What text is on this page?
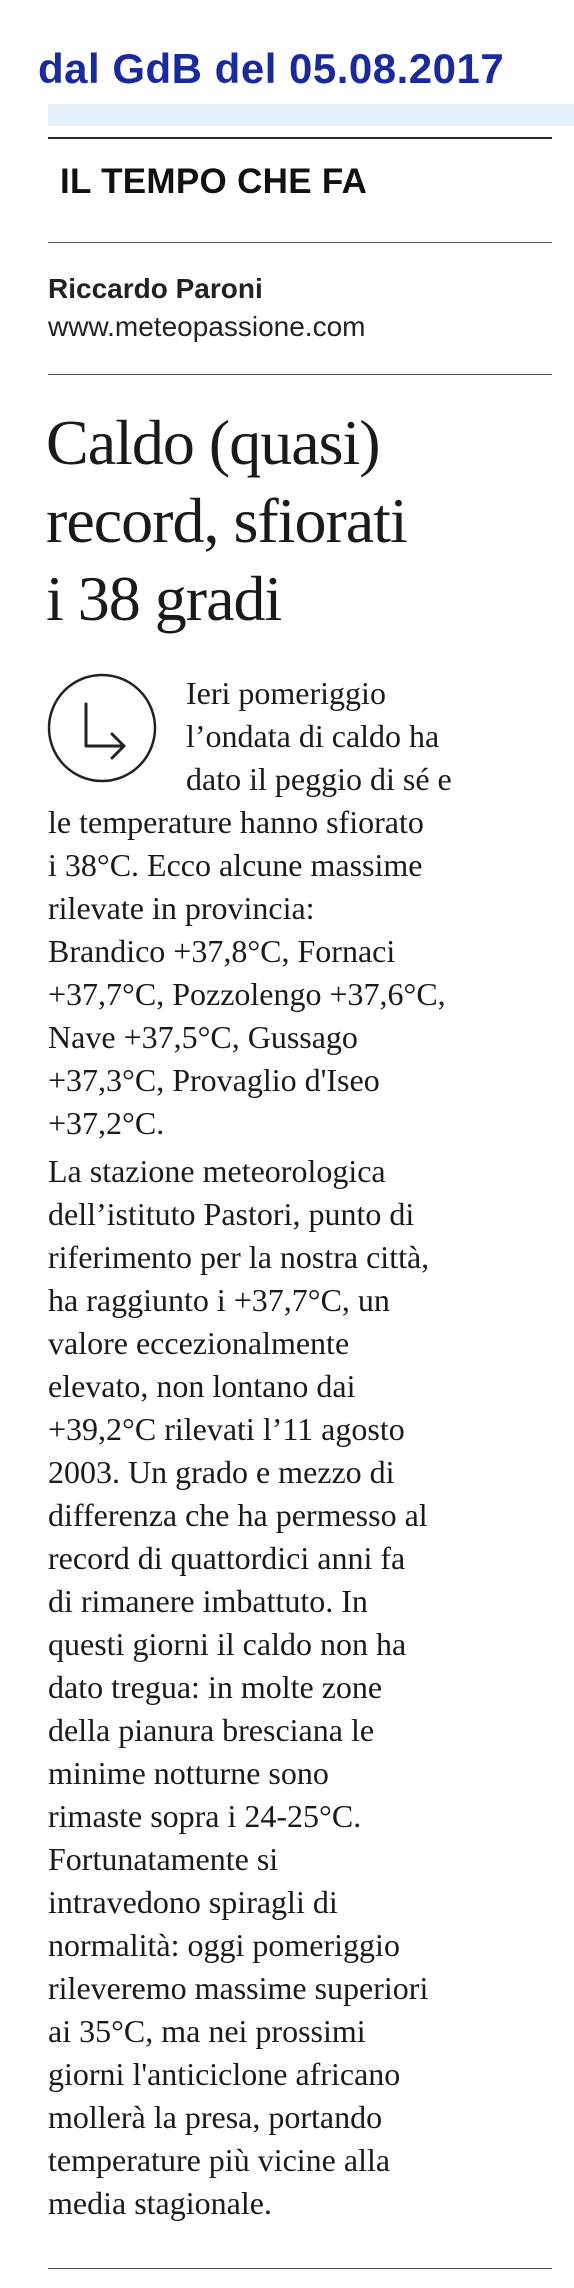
dal GdB del 05.08.2017
IL TEMPO CHE FA
Riccardo Paroni
www.meteopassione.com
Caldo (quasi)
record, sfiorati
i 38 gradi
Ieri pomeriggio
l’ondata di caldo ha
dato il peggio di sé e
le temperature hanno sfiorato
i 38°C. Ecco alcune massime
rilevate in provincia:
Brandico +37,8°C, Fornaci
+37,7°C, Pozzolengo +37,6°C,
Nave +37,5°C, Gussago
+37,3°C, Provaglio d'Iseo
+37,2°C.
La stazione meteorologica
dell’istituto Pastori, punto di
riferimento per la nostra città,
ha raggiunto i +37,7°C, un
valore eccezionalmente
elevato, non lontano dai
+39,2°C rilevati l’11 agosto
2003. Un grado e mezzo di
differenza che ha permesso al
record di quattordici anni fa
di rimanere imbattuto. In
questi giorni il caldo non ha
dato tregua: in molte zone
della pianura bresciana le
minime notturne sono
rimaste sopra i 24-25°C.
Fortunatamente si
intravedono spiragli di
normalità: oggi pomeriggio
rileveremo massime superiori
ai 35°C, ma nei prossimi
giorni l'anticiclone africano
mollerà la presa, portando
temperature più vicine alla
media stagionale.
